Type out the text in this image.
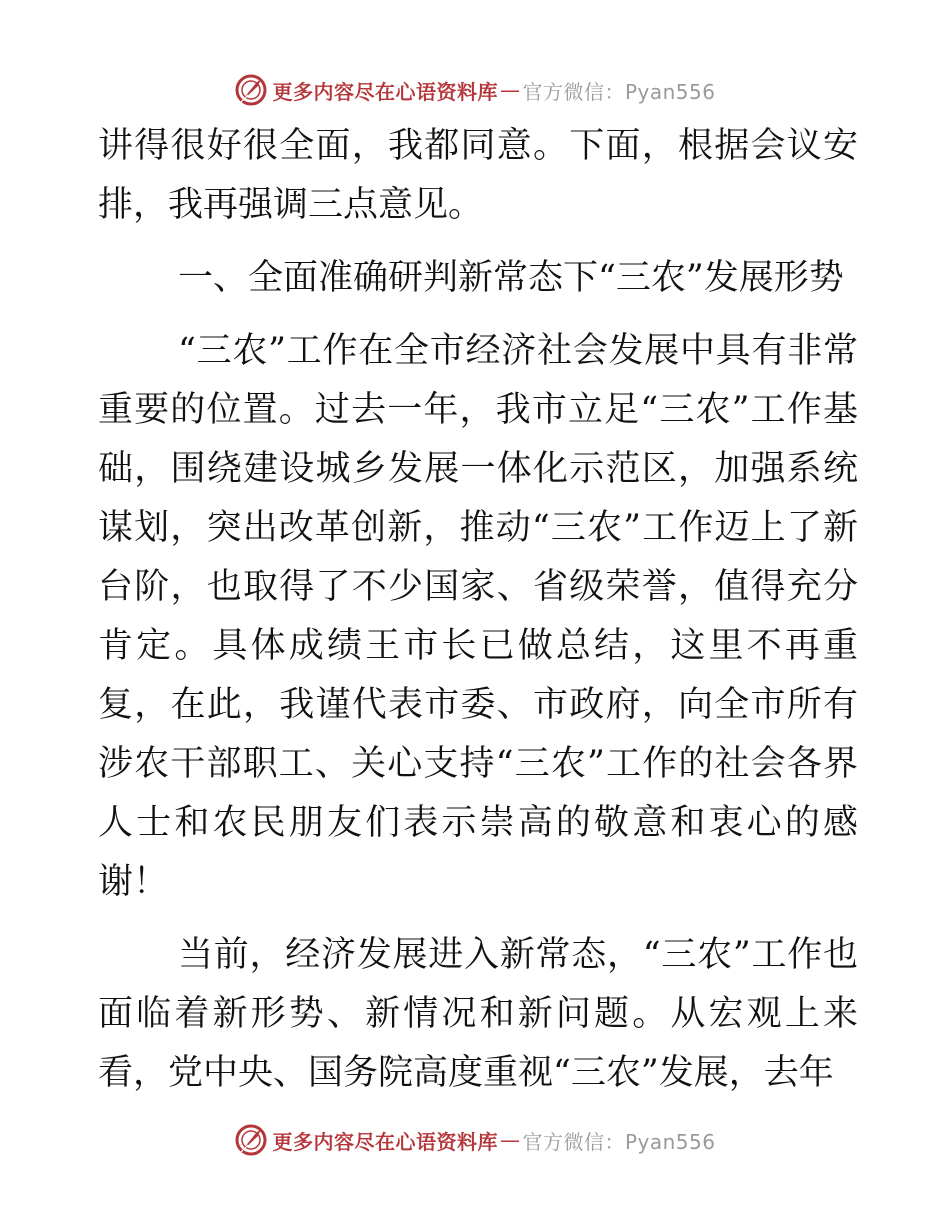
更多内容尽在心语资料库 — 官方微信：Pyan556

讲得很好很全面，我都同意。下面，根据会议安排，我再强调三点意见。

一、全面准确研判新常态下“三农”发展形势

“三农”工作在全市经济社会发展中具有非常重要的位置。过去一年，我市立足“三农”工作基础，围绕建设城乡发展一体化示范区，加强系统谋划，突出改革创新，推动“三农”工作迈上了新台阶，也取得了不少国家、省级荣誉，值得充分肯定。具体成绩王市长已做总结，这里不再重复，在此，我谨代表市委、市政府，向全市所有涉农干部职工、关心支持“三农”工作的社会各界人士和农民朋友们表示崇高的敬意和衷心的感谢！

当前，经济发展进入新常态，“三农”工作也面临着新形势、新情况和新问题。从宏观上来看，党中央、国务院高度重视“三农”发展，去年

更多内容尽在心语资料库 — 官方微信：Pyan556
